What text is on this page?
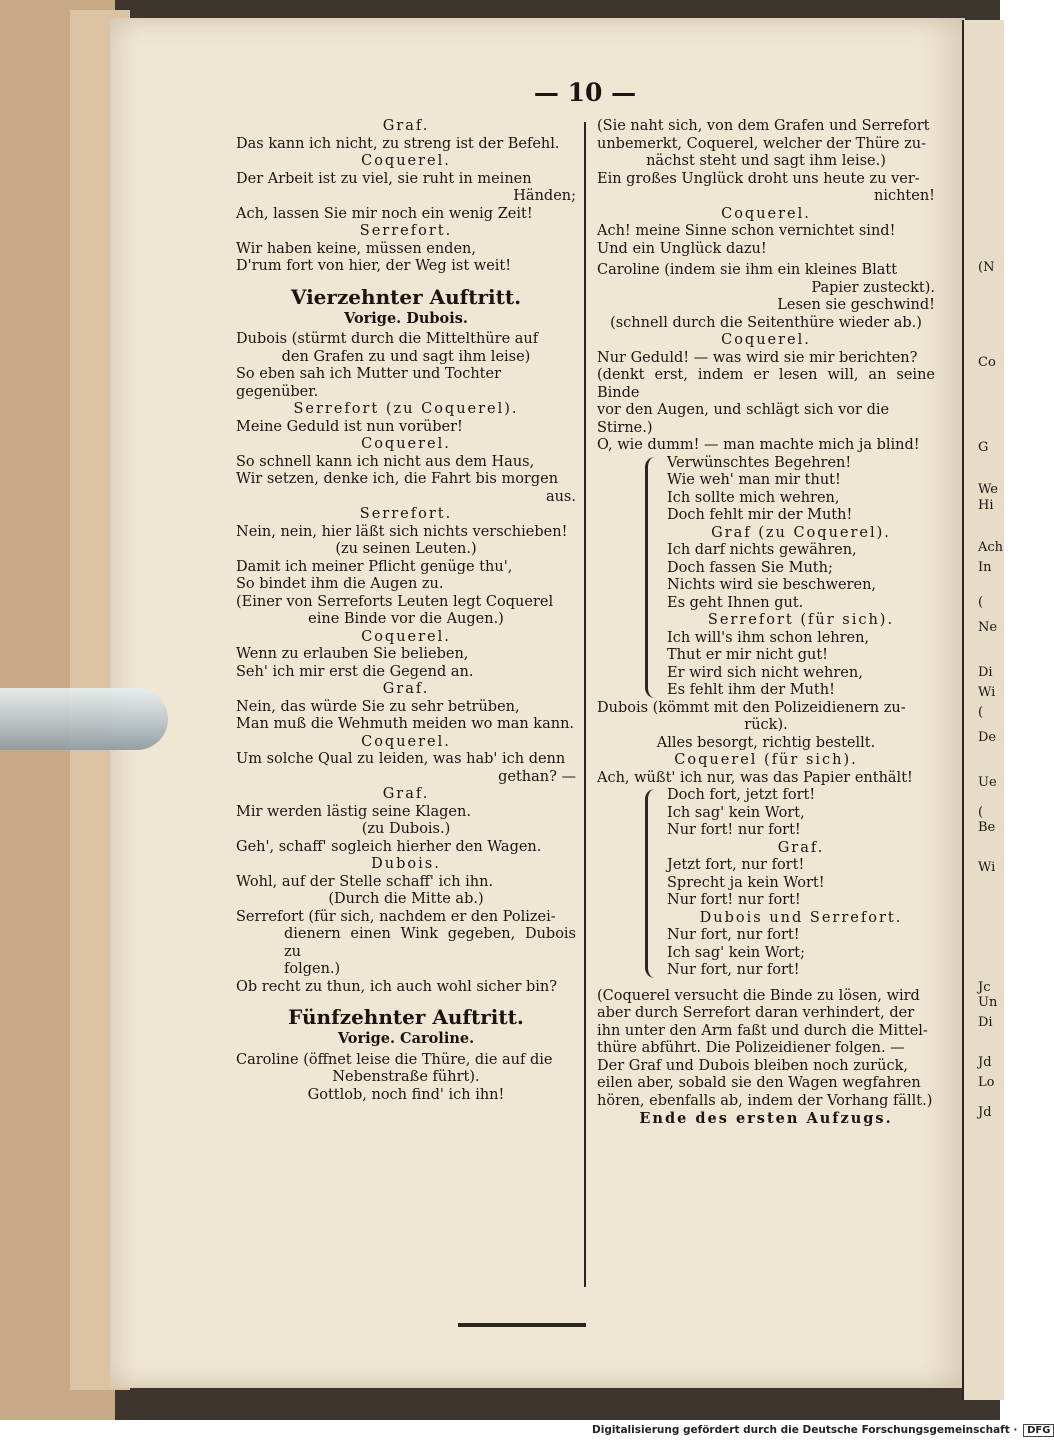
(N
Co
G
We
Hi
Ach
In
(
Ne
Di
Wi
(
De
Ue
(
Be
Wi
Jc
Un
Di
Jd
Lo
Jd
— 10 —
Graf.
Das kann ich nicht, zu streng ist der Befehl.
Coquerel.
Der Arbeit ist zu viel, sie ruht in meinen
Händen;
Ach, lassen Sie mir noch ein wenig Zeit!
Serrefort.
Wir haben keine, müssen enden,
D'rum fort von hier, der Weg ist weit!
Vierzehnter Auftritt.
Vorige. Dubois.
Dubois (stürmt durch die Mittelthüre auf
den Grafen zu und sagt ihm leise)
So eben sah ich Mutter und Tochter gegenüber.
Serrefort (zu Coquerel).
Meine Geduld ist nun vorüber!
Coquerel.
So schnell kann ich nicht aus dem Haus,
Wir setzen, denke ich, die Fahrt bis morgen
aus.
Serrefort.
Nein, nein, hier läßt sich nichts verschieben!
(zu seinen Leuten.)
Damit ich meiner Pflicht genüge thu',
So bindet ihm die Augen zu.
(Einer von Serreforts Leuten legt Coquerel
eine Binde vor die Augen.)
Coquerel.
Wenn zu erlauben Sie belieben,
Seh' ich mir erst die Gegend an.
Graf.
Nein, das würde Sie zu sehr betrüben,
Man muß die Wehmuth meiden wo man kann.
Coquerel.
Um solche Qual zu leiden, was hab' ich denn
gethan? —
Graf.
Mir werden lästig seine Klagen.
(zu Dubois.)
Geh', schaff' sogleich hierher den Wagen.
Dubois.
Wohl, auf der Stelle schaff' ich ihn.
(Durch die Mitte ab.)
Serrefort (für sich, nachdem er den Polizei-
dienern einen Wink gegeben, Dubois zu
folgen.)
Ob recht zu thun, ich auch wohl sicher bin?
Fünfzehnter Auftritt.
Vorige. Caroline.
Caroline (öffnet leise die Thüre, die auf die
Nebenstraße führt).
Gottlob, noch find' ich ihn!
(Sie naht sich, von dem Grafen und Serrefort
unbemerkt, Coquerel, welcher der Thüre zu-
nächst steht und sagt ihm leise.)
Ein großes Unglück droht uns heute zu ver-
nichten!
Coquerel.
Ach! meine Sinne schon vernichtet sind!
Und ein Unglück dazu!
Caroline (indem sie ihm ein kleines Blatt
Papier zusteckt).
Lesen sie geschwind!
(schnell durch die Seitenthüre wieder ab.)
Coquerel.
Nur Geduld! — was wird sie mir berichten?
(denkt erst, indem er lesen will, an seine Binde
vor den Augen, und schlägt sich vor die
Stirne.)
O, wie dumm! — man machte mich ja blind!
Verwünschtes Begehren!
Wie weh' man mir thut!
Ich sollte mich wehren,
Doch fehlt mir der Muth!
Graf (zu Coquerel).
Ich darf nichts gewähren,
Doch fassen Sie Muth;
Nichts wird sie beschweren,
Es geht Ihnen gut.
Serrefort (für sich).
Ich will's ihm schon lehren,
Thut er mir nicht gut!
Er wird sich nicht wehren,
Es fehlt ihm der Muth!
Dubois (kömmt mit den Polizeidienern zu-
rück).
Alles besorgt, richtig bestellt.
Coquerel (für sich).
Ach, wüßt' ich nur, was das Papier enthält!
Doch fort, jetzt fort!
Ich sag' kein Wort,
Nur fort! nur fort!
Graf.
Jetzt fort, nur fort!
Sprecht ja kein Wort!
Nur fort! nur fort!
Dubois und Serrefort.
Nur fort, nur fort!
Ich sag' kein Wort;
Nur fort, nur fort!
(Coquerel versucht die Binde zu lösen, wird
aber durch Serrefort daran verhindert, der
ihn unter den Arm faßt und durch die Mittel-
thüre abführt. Die Polizeidiener folgen. —
Der Graf und Dubois bleiben noch zurück,
eilen aber, sobald sie den Wagen wegfahren
hören, ebenfalls ab, indem der Vorhang fällt.)
Ende des ersten Aufzugs.
Digitalisierung gefördert durch die Deutsche Forschungsgemeinschaft · DFG
